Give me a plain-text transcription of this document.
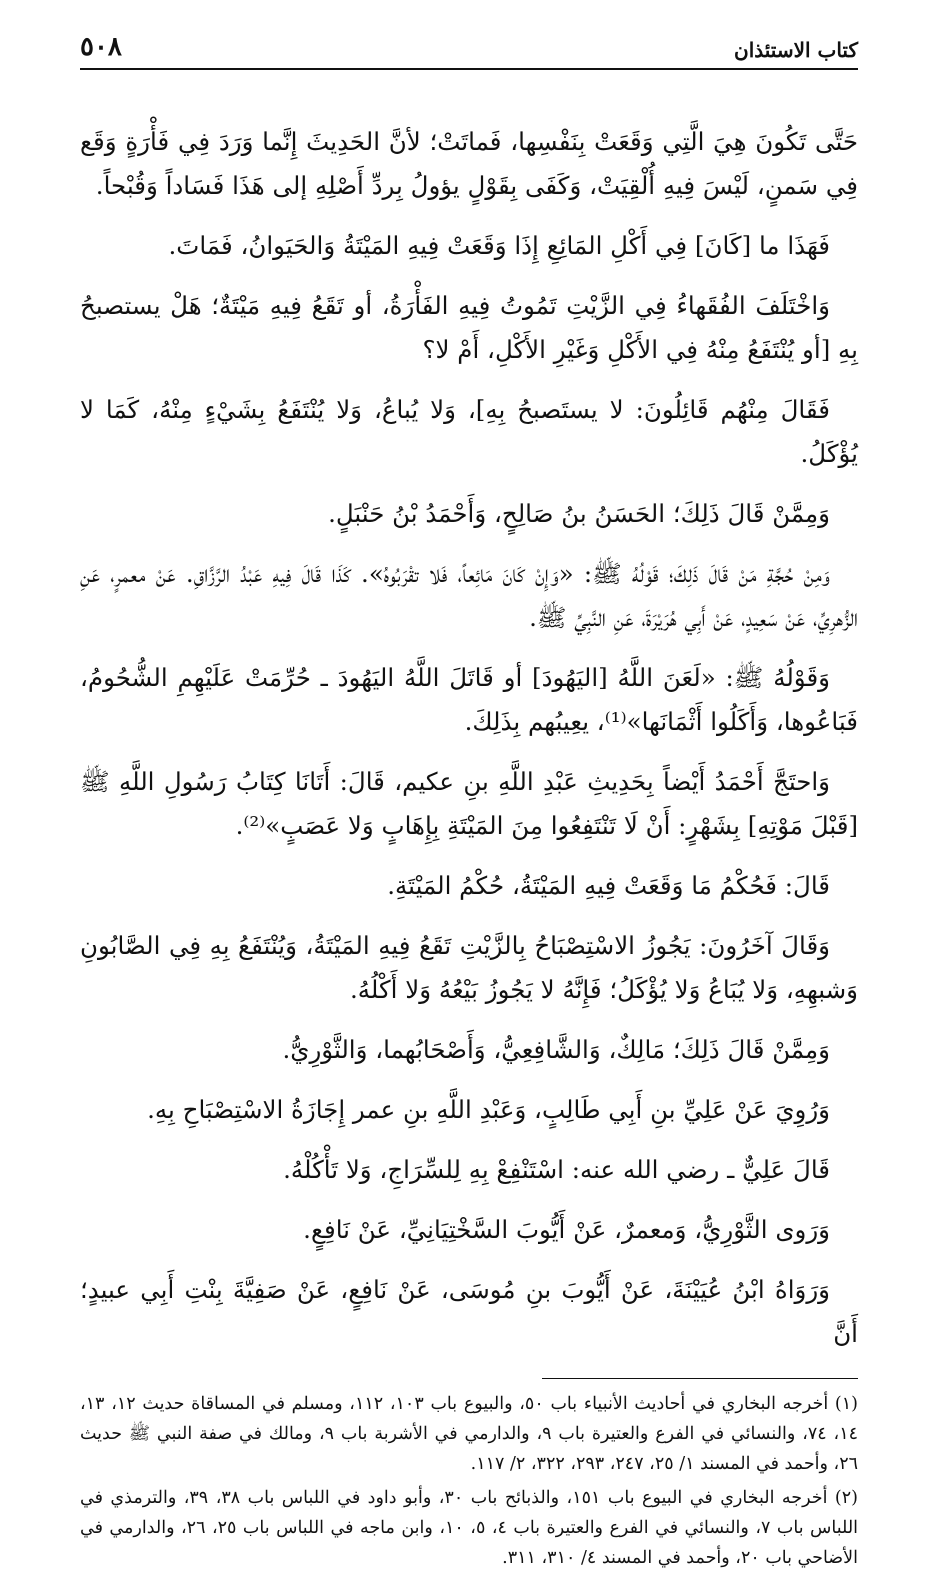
كتاب الاستئذان
٥٠٨

حَتَّى تَكُونَ هِيَ الَّتِي وَقَعَتْ بِنَفْسِها، فَماتَتْ؛ لأنَّ الحَدِيثَ إِنَّما وَرَدَ فِي فَأْرَةٍ وَقَع فِي سَمنٍ، لَيْسَ فِيهِ أُلْقِيَتْ، وَكَفَى بِقَوْلٍ يؤولُ بِردِّ أَصْلِهِ إلى هَذَا فَسَاداً وَقُبْحاً.

فَهَذَا ما [كَانَ] فِي أَكْلِ المَائِعِ إِذَا وَقَعَتْ فِيهِ المَيْتَةُ وَالحَيَوانُ، فَمَاتَ.

وَاخْتَلَفَ الفُقَهاءُ فِي الزَّيْتِ تَمُوتُ فِيهِ الفَأْرَةُ، أو تَقَعُ فِيهِ مَيْتَةٌ؛ هَلْ يستصبحُ بِهِ [أو يُنْتَفَعُ مِنْهُ فِي الأَكْلِ وَغَيْرِ الأَكْلِ، أَمْ لا؟

فَقَالَ مِنْهُم قَائِلُونَ: لا يستَصبحُ بِهِ]، وَلا يُباعُ، وَلا يُنْتَفَعُ بِشَيْءٍ مِنْهُ، كَمَا لا يُؤْكَلُ.

وَمِمَّنْ قَالَ ذَلِكَ؛ الحَسَنُ بنُ صَالِحٍ، وَأَحْمَدُ بْنُ حَنْبَلٍ.

وَمِنْ حُجَّةِ مَنْ قَالَ ذَلِكَ؛ قَوْلُهُ ﷺ: «وَإِنْ كَانَ مَائِعاً، فَلا تقْرَبُوهُ». كَذَا قَالَ فِيهِ عَبْدُ الرَّزَّاقِ. عَنْ معمرٍ، عَنِ الزُّهرِيِّ، عَنْ سَعِيدٍ، عَنْ أَبِي هُرَيْرَةَ، عَنِ النَّبِيِّ ﷺ.

وَقَوْلُهُ ﷺ: «لَعَنَ اللَّهُ [اليَهُودَ] أو قَاتَلَ اللَّهُ اليَهُودَ ـ حُرِّمَتْ عَلَيْهِمِ الشُّحُومُ، فَبَاعُوها، وَأَكَلُوا أَثْمَانَها»⁽¹⁾، يعِيبُهم بِذَلِكَ.

وَاحتَجَّ أَحْمَدُ أَيْضاً بِحَدِيثِ عَبْدِ اللَّهِ بنِ عكيم، قَالَ: أَتَانَا كِتَابُ رَسُولِ اللَّهِ ﷺ [قَبْلَ مَوْتِهِ] بِشَهْرٍ: أَنْ لَا تَنْتَفِعُوا مِنَ المَيْتَةِ بِإِهَابٍ وَلا عَصَبٍ»⁽²⁾.

قَالَ: فَحُكْمُ مَا وَقَعَتْ فِيهِ المَيْتَةُ، حُكْمُ المَيْتَةِ.

وَقَالَ آخَرُونَ: يَجُوزُ الاسْتِصْبَاحُ بِالزَّيْتِ تَقَعُ فِيهِ المَيْتَةُ، وَيُنْتَفَعُ بِهِ فِي الصَّابُونِ وَشبهِهِ، وَلا يُبَاعُ وَلا يُؤْكَلُ؛ فَإِنَّهُ لا يَجُوزُ بَيْعُهُ وَلا أَكْلُهُ.

وَمِمَّنْ قَالَ ذَلِكَ؛ مَالِكٌ، وَالشَّافِعِيُّ، وَأَصْحَابُهما، وَالثَّوْرِيُّ.

وَرُوِيَ عَنْ عَلِيِّ بنِ أَبِي طَالِبٍ، وَعَبْدِ اللَّهِ بنِ عمر إِجَازَةُ الاسْتِصْبَاحِ بِهِ.

قَالَ عَلِيٌّ ـ رضي الله عنه: اسْتَنْفِعْ بِهِ لِلسِّرَاجِ، وَلا تَأْكُلْهُ.

وَرَوى الثَّوْرِيُّ، وَمعمرٌ، عَنْ أَيُّوبَ السَّخْتِيَانِيِّ، عَنْ نَافِعٍ.

وَرَوَاهُ ابْنُ عُيَيْنَةَ، عَنْ أَيُّوبَ بنِ مُوسَى، عَنْ نَافِعٍ، عَنْ صَفِيَّةَ بِنْتِ أَبِي عبيدٍ؛ أَنَّ

(١) أخرجه البخاري في أحاديث الأنبياء باب ٥٠، والبيوع باب ١٠٣، ١١٢، ومسلم في المساقاة حديث ١٢، ١٣، ١٤، ٧٤، والنسائي في الفرع والعتيرة باب ٩، والدارمي في الأشربة باب ٩، ومالك في صفة النبي ﷺ حديث ٢٦، وأحمد في المسند ١/ ٢٥، ٢٤٧، ٢٩٣، ٣٢٢، ٢/ ١١٧.

(٢) أخرجه البخاري في البيوع باب ١٥١، والذبائح باب ٣٠، وأبو داود في اللباس باب ٣٨، ٣٩، والترمذي في اللباس باب ٧، والنسائي في الفرع والعتيرة باب ٤، ٥، ١٠، وابن ماجه في اللباس باب ٢٥، ٢٦، والدارمي في الأضاحي باب ٢٠، وأحمد في المسند ٤/ ٣١٠، ٣١١.
